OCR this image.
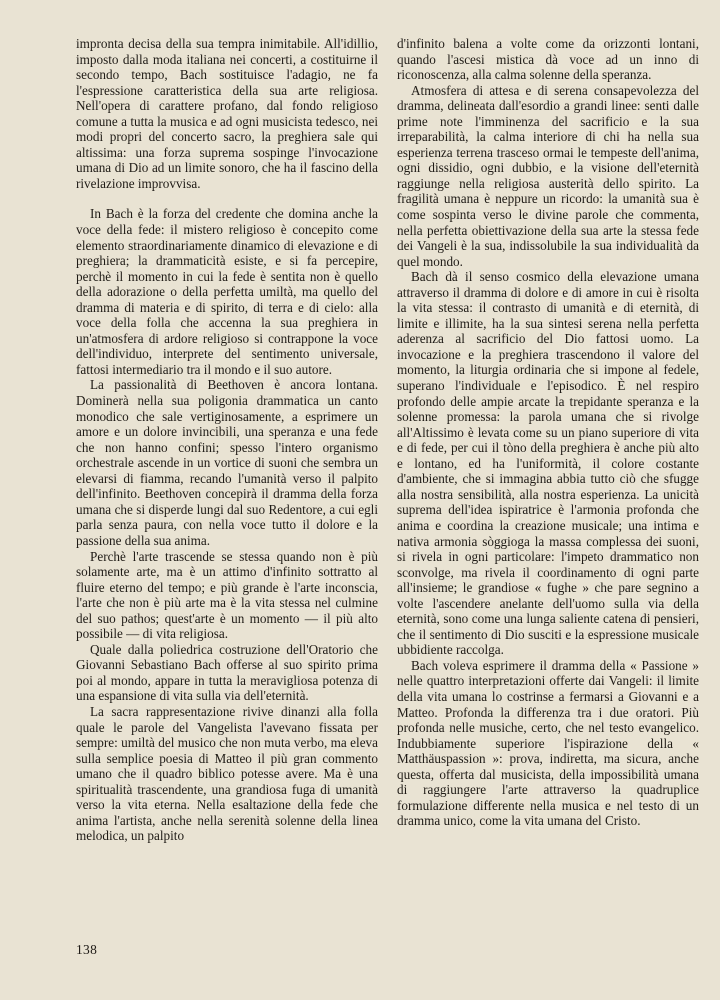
impronta decisa della sua tempra inimitabile. All'idillio, imposto dalla moda italiana nei concerti, a costituirne il secondo tempo, Bach sostituisce l'adagio, ne fa l'espressione caratteristica della sua arte religiosa. Nell'opera di carattere profano, dal fondo religioso comune a tutta la musica e ad ogni musicista tedesco, nei modi propri del concerto sacro, la preghiera sale qui altissima: una forza suprema sospinge l'invocazione umana di Dio ad un limite sonoro, che ha il fascino della rivelazione improvvisa.

In Bach è la forza del credente che domina anche la voce della fede: il mistero religioso è concepito come elemento straordinariamente dinamico di elevazione e di preghiera; la drammaticità esiste, e si fa percepire, perchè il momento in cui la fede è sentita non è quello della adorazione o della perfetta umiltà, ma quello del dramma di materia e di spirito, di terra e di cielo: alla voce della folla che accenna la sua preghiera in un'atmosfera di ardore religioso si contrappone la voce dell'individuo, interprete del sentimento universale, fattosi intermediario tra il mondo e il suo autore.

La passionalità di Beethoven è ancora lontana. Dominerà nella sua poligonia drammatica un canto monodico che sale vertiginosamente, a esprimere un amore e un dolore invincibili, una speranza e una fede che non hanno confini; spesso l'intero organismo orchestrale ascende in un vortice di suoni che sembra un elevarsi di fiamma, recando l'umanità verso il palpito dell'infinito. Beethoven concepirà il dramma della forza umana che si disperde lungi dal suo Redentore, a cui egli parla senza paura, con nella voce tutto il dolore e la passione della sua anima.

Perchè l'arte trascende se stessa quando non è più solamente arte, ma è un attimo d'infinito sottratto al fluire eterno del tempo; e più grande è l'arte inconscia, l'arte che non è più arte ma è la vita stessa nel culmine del suo pathos; quest'arte è un momento — il più alto possibile — di vita religiosa.

Quale dalla poliedrica costruzione dell'Oratorio che Giovanni Sebastiano Bach offerse al suo spirito prima poi al mondo, appare in tutta la meravigliosa potenza di una espansione di vita sulla via dell'eternità.

La sacra rappresentazione rivive dinanzi alla folla quale le parole del Vangelista l'avevano fissata per sempre: umiltà del musico che non muta verbo, ma eleva sulla semplice poesia di Matteo il più gran commento umano che il quadro biblico potesse avere. Ma è una spiritualità trascendente, una grandiosa fuga di umanità verso la vita eterna. Nella esaltazione della fede che anima l'artista, anche nella serenità solenne della linea melodica, un palpito

d'infinito balena a volte come da orizzonti lontani, quando l'ascesi mistica dà voce ad un inno di riconoscenza, alla calma solenne della speranza.

Atmosfera di attesa e di serena consapevolezza del dramma, delineata dall'esordio a grandi linee: senti dalle prime note l'imminenza del sacrificio e la sua irreparabilità, la calma interiore di chi ha nella sua esperienza terrena trasceso ormai le tempeste dell'anima, ogni dissidio, ogni dubbio, e la visione dell'eternità raggiunge nella religiosa austerità dello spirito. La fragilità umana è neppure un ricordo: la umanità sua è come sospinta verso le divine parole che commenta, nella perfetta obiettivazione della sua arte la stessa fede dei Vangeli è la sua, indissolubile la sua individualità da quel mondo.

Bach dà il senso cosmico della elevazione umana attraverso il dramma di dolore e di amore in cui è risolta la vita stessa: il contrasto di umanità e di eternità, di limite e illimite, ha la sua sintesi serena nella perfetta aderenza al sacrificio del Dio fattosi uomo. La invocazione e la preghiera trascendono il valore del momento, la liturgia ordinaria che si impone al fedele, superano l'individuale e l'episodico. È nel respiro profondo delle ampie arcate la trepidante speranza e la solenne promessa: la parola umana che si rivolge all'Altissimo è levata come su un piano superiore di vita e di fede, per cui il tòno della preghiera è anche più alto e lontano, ed ha l'uniformità, il colore costante d'ambiente, che si immagina abbia tutto ciò che sfugge alla nostra sensibilità, alla nostra esperienza. La unicità suprema dell'idea ispiratrice è l'armonia profonda che anima e coordina la creazione musicale; una intima e nativa armonia sòggioga la massa complessa dei suoni, si rivela in ogni particolare: l'impeto drammatico non sconvolge, ma rivela il coordinamento di ogni parte all'insieme; le grandiose « fughe » che pare segnino a volte l'ascendere anelante dell'uomo sulla via della eternità, sono come una lunga saliente catena di pensieri, che il sentimento di Dio susciti e la espressione musicale ubbidiente raccolga.

Bach voleva esprimere il dramma della « Passione » nelle quattro interpretazioni offerte dai Vangeli: il limite della vita umana lo costrinse a fermarsi a Giovanni e a Matteo. Profonda la differenza tra i due oratori. Più profonda nelle musiche, certo, che nel testo evangelico. Indubbiamente superiore l'ispirazione della « Matthäuspassion »: prova, indiretta, ma sicura, anche questa, offerta dal musicista, della impossibilità umana di raggiungere l'arte attraverso la quadruplice formulazione differente nella musica e nel testo di un dramma unico, come la vita umana del Cristo.

138
